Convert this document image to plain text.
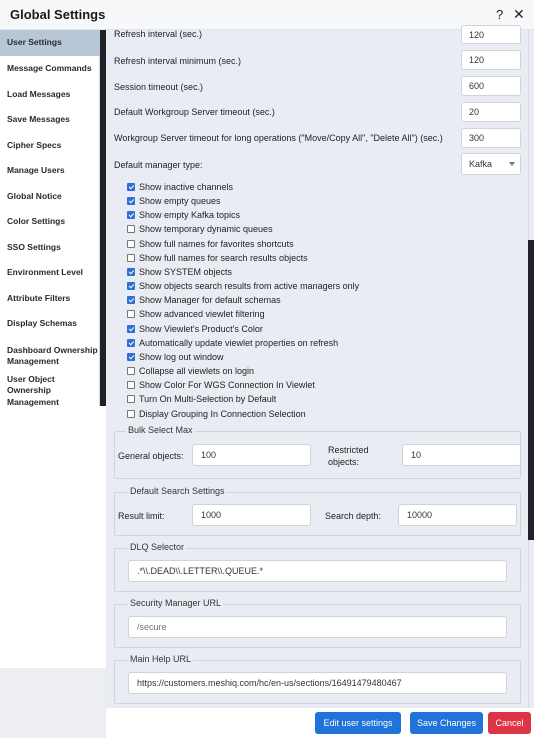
Global Settings	? ✕
User Settings
Message Commands
Load Messages
Save Messages
Cipher Specs
Manage Users
Global Notice
Color Settings
SSO Settings
Environment Level
Attribute Filters
Display Schemas
Dashboard Ownership Management
User Object Ownership Management
Refresh interval (sec.)
120
Refresh interval minimum (sec.)
120
Session timeout (sec.)
600
Default Workgroup Server timeout (sec.)
20
Workgroup Server timeout for long operations ("Move/Copy All", "Delete All") (sec.)
300
Default manager type:	Kafka
Show inactive channels
Show empty queues
Show empty Kafka topics
Show temporary dynamic queues
Show full names for favorites shortcuts
Show full names for search results objects
Show SYSTEM objects
Show objects search results from active managers only
Show Manager for default schemas
Show advanced viewlet filtering
Show Viewlet's Product's Color
Automatically update viewlet properties on refresh
Show log out window
Collapse all viewlets on login
Show Color For WGS Connection In Viewlet
Turn On Multi-Selection by Default
Display Grouping In Connection Selection
Bulk Select Max
General objects:
100
Restricted objects:
10
Default Search Settings
Result limit:
1000	Search depth:
10000
DLQ Selector
.*\\.DEAD\\.LETTER\\.QUEUE.*
Security Manager URL
/secure
Main Help URL
https://customers.meshiq.com/hc/en-us/sections/16491479480467
Edit user settings	Save Changes	Cancel
